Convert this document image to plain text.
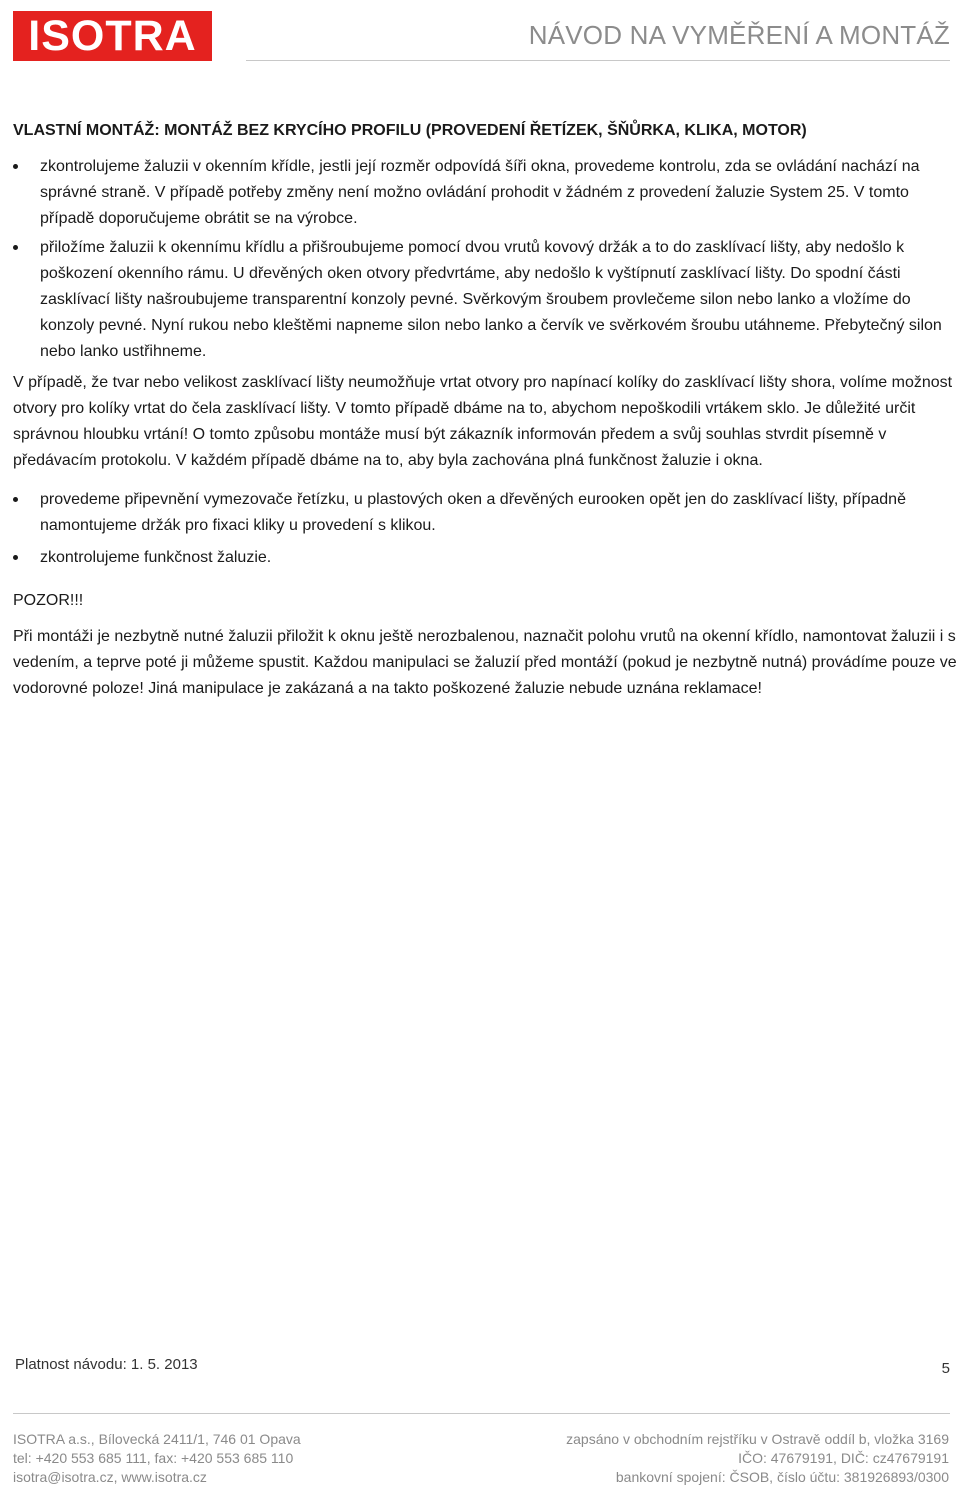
ISOTRA	NÁVOD NA VYMĚŘENÍ A MONTÁŽ
VLASTNÍ MONTÁŽ: MONTÁŽ BEZ KRYCÍHO PROFILU (PROVEDENÍ ŘETÍZEK, ŠŇŮRKA, KLIKA, MOTOR)
zkontrolujeme žaluzii v okenním křídle, jestli její rozměr odpovídá šíři okna, provedeme kontrolu, zda se ovládání nachází na správné straně. V případě potřeby změny není možno ovládání prohodit v žádném z provedení žaluzie System 25. V tomto případě doporučujeme obrátit se na výrobce.
přiložíme žaluzii k okennímu křídlu a přišroubujeme pomocí dvou vrutů kovový držák a to do zasklívací lišty, aby nedošlo k poškození okenního rámu. U dřevěných oken otvory předvrtáme, aby nedošlo k vyštípnutí zasklívací lišty. Do spodní části zasklívací lišty našroubujeme transparentní konzoly pevné. Svěrkovým šroubem provlečeme silon nebo lanko a vložíme do konzoly pevné. Nyní rukou nebo kleštěmi napneme silon nebo lanko a červík ve svěrkovém šroubu utáhneme. Přebytečný silon nebo lanko ustřihneme.

V případě, že tvar nebo velikost zasklívací lišty neumožňuje vrtat otvory pro napínací kolíky do zasklívací lišty shora, volíme možnost otvory pro kolíky vrtat do čela zasklívací lišty. V tomto případě dbáme na to, abychom nepoškodili vrtákem sklo. Je důležité určit správnou hloubku vrtání! O tomto způsobu montáže musí být zákazník informován předem a svůj souhlas stvrdit písemně v předávacím protokolu. V každém případě dbáme na to, aby byla zachována plná funkčnost žaluzie i okna.

provedeme připevnění vymezovače řetízku, u plastových oken a dřevěných eurooken opět jen do zasklívací lišty, případně namontujeme držák pro fixaci kliky u provedení s klikou.
zkontrolujeme funkčnost žaluzie.

POZOR!!!

Při montáži je nezbytně nutné žaluzii přiložit k oknu ještě nerozbalenou, naznačit polohu vrutů na okenní křídlo, namontovat žaluzii i s vedením, a teprve poté ji můžeme spustit. Každou manipulaci se žaluzií před montáží (pokud je nezbytně nutná) provádíme pouze ve vodorovné poloze! Jiná manipulace je zakázaná a na takto poškozené žaluzie nebude uznána reklamace!

Platnost návodu: 1. 5. 2013	5
ISOTRA a.s., Bílovecká 2411/1, 746 01 Opava
tel: +420 553 685 111, fax: +420 553 685 110
isotra@isotra.cz, www.isotra.cz
zapsáno v obchodním rejstříku v Ostravě oddíl b, vložka 3169
IČO: 47679191, DIČ: cz47679191
bankovní spojení: ČSOB, číslo účtu: 381926893/0300
